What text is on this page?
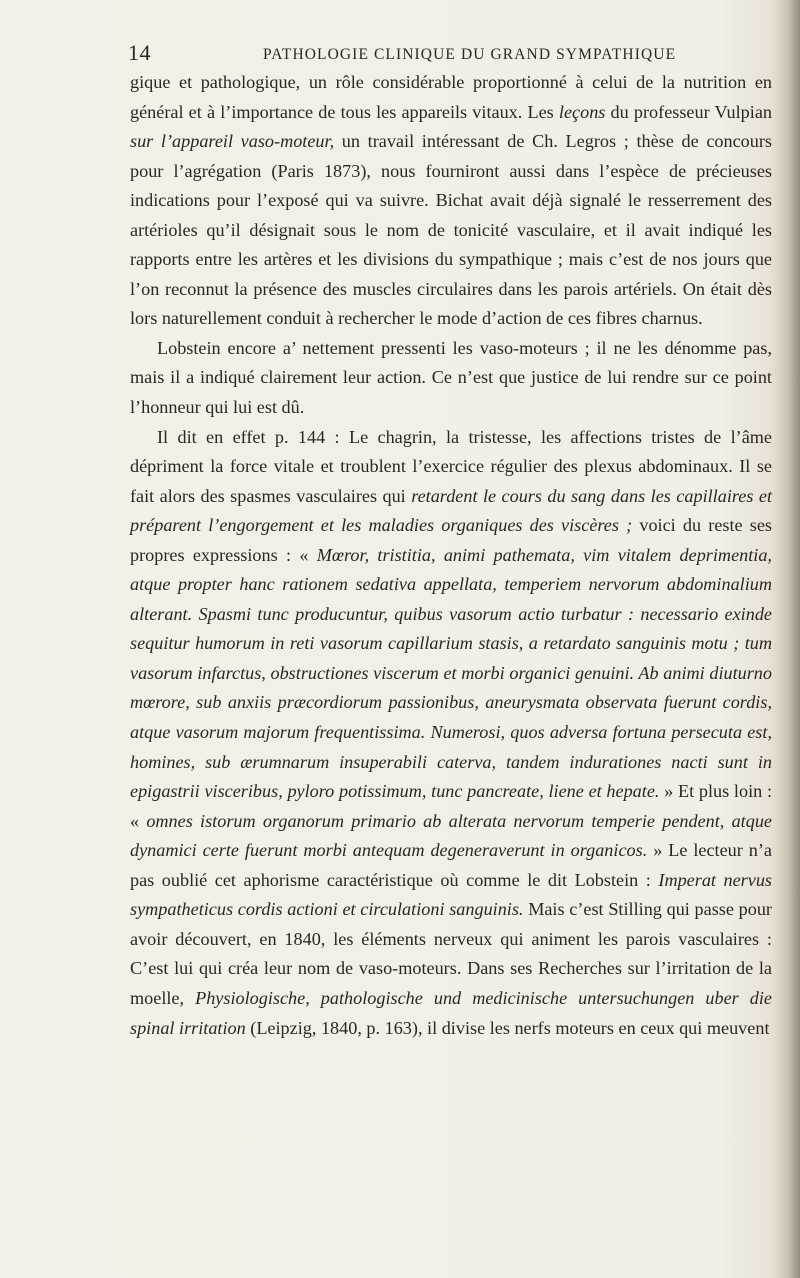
14	PATHOLOGIE CLINIQUE DU GRAND SYMPATHIQUE

gique et pathologique, un rôle considérable proportionné à celui de la nutrition en général et à l’importance de tous les appareils vitaux. Les leçons du professeur Vulpian sur l’appareil vaso-moteur, un travail intéressant de Ch. Legros ; thèse de concours pour l’agrégation (Paris 1873), nous fourniront aussi dans l’espèce de précieuses indications pour l’exposé qui va suivre. Bichat avait déjà signalé le resserrement des artérioles qu’il désignait sous le nom de tonicité vasculaire, et il avait indiqué les rapports entre les artères et les divisions du sympathique ; mais c’est de nos jours que l’on reconnut la présence des muscles circulaires dans les parois artériels. On était dès lors naturellement conduit à rechercher le mode d’action de ces fibres charnus.

Lobstein encore a’ nettement pressenti les vaso-moteurs ; il ne les dénomme pas, mais il a indiqué clairement leur action. Ce n’est que justice de lui rendre sur ce point l’honneur qui lui est dû.

Il dit en effet p. 144 : Le chagrin, la tristesse, les affections tristes de l’âme dépriment la force vitale et troublent l’exercice régulier des plexus abdominaux. Il se fait alors des spasmes vasculaires qui retardent le cours du sang dans les capillaires et préparent l’engorgement et les maladies organiques des viscères ; voici du reste ses propres expressions : « Mœror, tristitia, animi pathemata, vim vitalem deprimentia, atque propter hanc rationem sedativa appellata, temperiem nervorum abdominalium alterant. Spasmi tunc producuntur, quibus vasorum actio turbatur : necessario exinde sequitur humorum in reti vasorum capillarium stasis, a retardato sanguinis motu ; tum vasorum infarctus, obstructiones viscerum et morbi organici genuini. Ab animi diuturno mœrore, sub anxiis præcordiorum passionibus, aneurysmata observata fuerunt cordis, atque vasorum majorum frequentissima. Numerosi, quos adversa fortuna persecuta est, homines, sub ærumnarum insuperabili caterva, tandem indurationes nacti sunt in epigastrii visceribus, pyloro potissimum, tunc pancreate, liene et hepate. » Et plus loin : « omnes istorum organorum primario ab alterata nervorum temperie pendent, atque dynamici certe fuerunt morbi antequam degeneraverunt in organicos. » Le lecteur n’a pas oublié cet aphorisme caractéristique où comme le dit Lobstein : Imperat nervus sympatheticus cordis actioni et circulationi sanguinis. Mais c’est Stilling qui passe pour avoir découvert, en 1840, les éléments nerveux qui animent les parois vasculaires : C’est lui qui créa leur nom de vaso-moteurs. Dans ses Recherches sur l’irritation de la moelle, Physiologische, pathologische und medicinische untersuchungen uber die spinal irritation (Leipzig, 1840, p. 163), il divise les nerfs moteurs en ceux qui meuvent
